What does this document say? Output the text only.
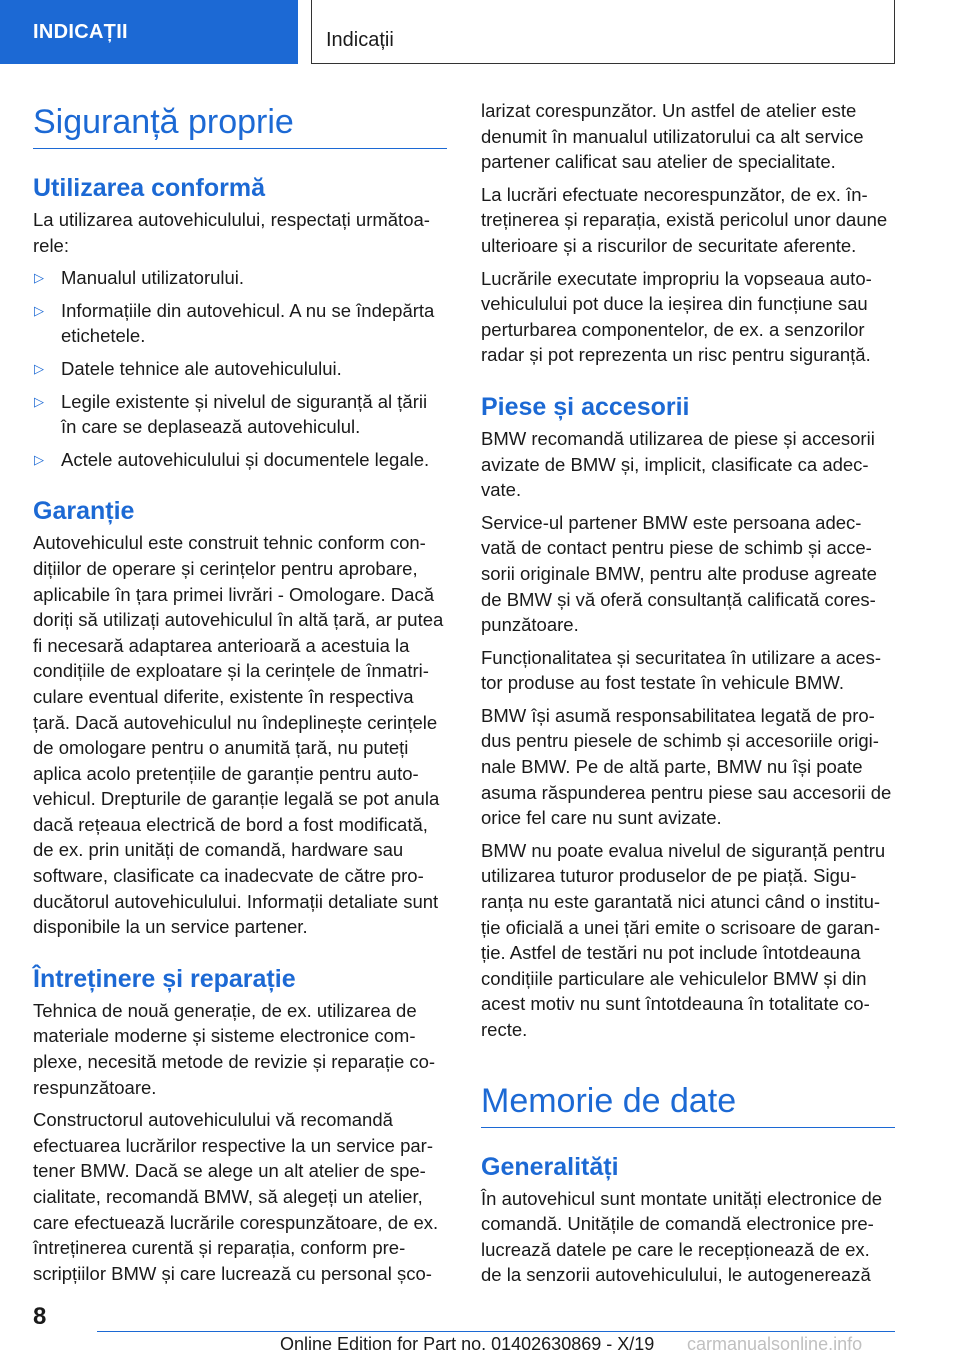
INDICAȚII	Indicații
Siguranță proprie
Utilizarea conformă

La utilizarea autovehiculului, respectați următoa-rele:

▷ Manualul utilizatorului.
▷ Informațiile din autovehicul. A nu se îndepărta etichetele.
▷ Datele tehnice ale autovehiculului.
▷ Legile existente și nivelul de siguranță al țării în care se deplasează autovehiculul.
▷ Actele autovehiculului și documentele legale.
Garanție

Autovehiculul este construit tehnic conform con-dițiilor de operare și cerințelor pentru aprobare, aplicabile în țara primei livrări - Omologare. Dacă doriți să utilizați autovehiculul în altă țară, ar putea fi necesară adaptarea anterioară a acestuia la condițiile de exploatare și la cerințele de înmatri-culare eventual diferite, existente în respectiva țară. Dacă autovehiculul nu îndeplinește cerințele de omologare pentru o anumită țară, nu puteți aplica acolo pretențiile de garanție pentru auto-vehicul. Drepturile de garanție legală se pot anula dacă rețeaua electrică de bord a fost modificată, de ex. prin unități de comandă, hardware sau software, clasificate ca inadecvate de către pro-ducătorul autovehiculului. Informații detaliate sunt disponibile la un service partener.

Întreținere și reparație

Tehnica de nouă generație, de ex. utilizarea de materiale moderne și sisteme electronice com-plexe, necesită metode de revizie și reparație co-respunzătoare.

Constructorul autovehiculului vă recomandă efectuarea lucrărilor respective la un service par-tener BMW. Dacă se alege un alt atelier de spe-cialitate, recomandă BMW, să alegeți un atelier, care efectuează lucrările corespunzătoare, de ex. întreținerea curentă și reparația, conform pre-scripțiilor BMW și care lucrează cu personal șco-

larizat corespunzător. Un astfel de atelier este denumit în manualul utilizatorului ca alt service partener calificat sau atelier de specialitate.

La lucrări efectuate necorespunzător, de ex. în-treținerea și reparația, există pericolul unor daune ulterioare și a riscurilor de securitate aferente.

Lucrările executate impropriu la vopseaua auto-vehiculului pot duce la ieșirea din funcțiune sau perturbarea componentelor, de ex. a senzorilor radar și pot reprezenta un risc pentru siguranță.

Piese și accesorii

BMW recomandă utilizarea de piese și accesorii avizate de BMW și, implicit, clasificate ca adec-vate.

Service-ul partener BMW este persoana adec-vată de contact pentru piese de schimb și acce-sorii originale BMW, pentru alte produse agreate de BMW și vă oferă consultanță calificată cores-punzătoare.

Funcționalitatea și securitatea în utilizare a aces-tor produse au fost testate în vehicule BMW.

BMW își asumă responsabilitatea legată de pro-dus pentru piesele de schimb și accesoriile origi-nale BMW. Pe de altă parte, BMW nu își poate asuma răspunderea pentru piese sau accesorii de orice fel care nu sunt avizate.

BMW nu poate evalua nivelul de siguranță pentru utilizarea tuturor produselor de pe piață. Sigu-ranța nu este garantată nici atunci când o institu-ție oficială a unei țări emite o scrisoare de garan-ție. Astfel de testări nu pot include întotdeauna condițiile particulare ale vehiculelor BMW și din acest motiv nu sunt întotdeauna în totalitate co-recte.

Memorie de date
Generalități

În autovehicul sunt montate unități electronice de comandă. Unitățile de comandă electronice pre-lucrează datele pe care le recepționează de ex. de la senzorii autovehiculului, le autogenerează

8
Online Edition for Part no. 01402630869 - X/19 carmanualsonline.info
